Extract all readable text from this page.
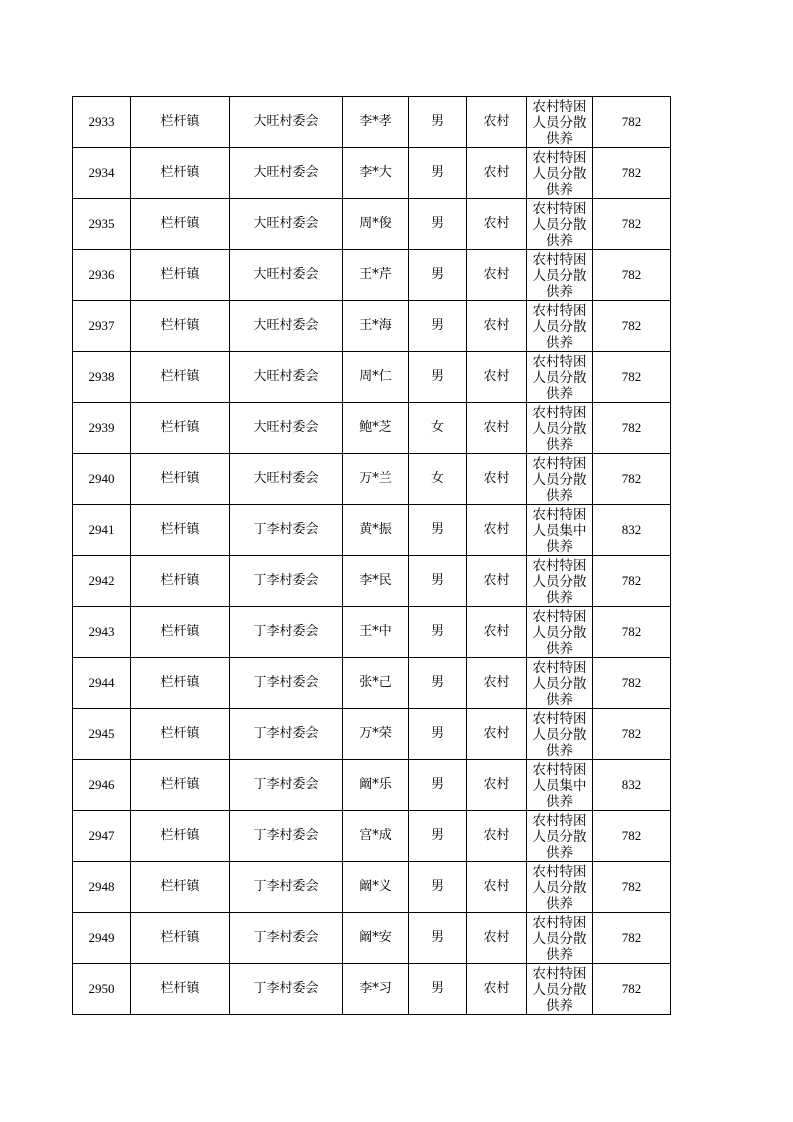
2933	栏杆镇	大旺村委会	李*孝	男	农村	农村特困人员分散供养	782
2934	栏杆镇	大旺村委会	李*大	男	农村	农村特困人员分散供养	782
2935	栏杆镇	大旺村委会	周*俊	男	农村	农村特困人员分散供养	782
2936	栏杆镇	大旺村委会	王*芹	男	农村	农村特困人员分散供养	782
2937	栏杆镇	大旺村委会	王*海	男	农村	农村特困人员分散供养	782
2938	栏杆镇	大旺村委会	周*仁	男	农村	农村特困人员分散供养	782
2939	栏杆镇	大旺村委会	鲍*芝	女	农村	农村特困人员分散供养	782
2940	栏杆镇	大旺村委会	万*兰	女	农村	农村特困人员分散供养	782
2941	栏杆镇	丁李村委会	黄*振	男	农村	农村特困人员集中供养	832
2942	栏杆镇	丁李村委会	李*民	男	农村	农村特困人员分散供养	782
2943	栏杆镇	丁李村委会	王*中	男	农村	农村特困人员分散供养	782
2944	栏杆镇	丁李村委会	张*己	男	农村	农村特困人员分散供养	782
2945	栏杆镇	丁李村委会	万*荣	男	农村	农村特困人员分散供养	782
2946	栏杆镇	丁李村委会	阚*乐	男	农村	农村特困人员集中供养	832
2947	栏杆镇	丁李村委会	宫*成	男	农村	农村特困人员分散供养	782
2948	栏杆镇	丁李村委会	阚*义	男	农村	农村特困人员分散供养	782
2949	栏杆镇	丁李村委会	阚*安	男	农村	农村特困人员分散供养	782
2950	栏杆镇	丁李村委会	李*习	男	农村	农村特困人员分散供养	782
